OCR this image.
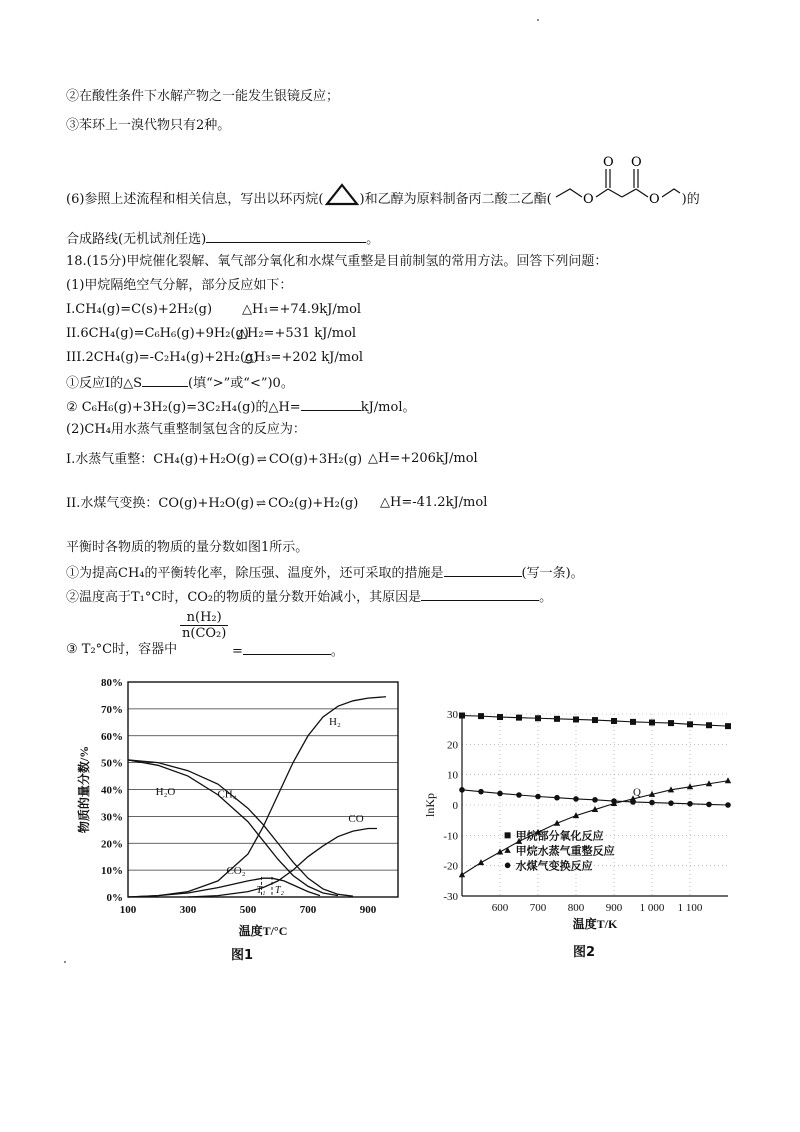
②在酸性条件下水解产物之一能发生银镜反应；
③苯环上一溴代物只有2种。
(6)参照上述流程和相关信息，写出以环丙烷(	)和乙醇为原料制备丙二酸二乙酯( O	O
O O
)的
合成路线(无机试剂任选)	。
18.(15分)甲烷催化裂解、氧气部分氧化和水煤气重整是目前制氢的常用方法。回答下列问题：
(1)甲烷隔绝空气分解，部分反应如下：
I.CH₄(g)=C(s)+2H₂(g) △H₁=+74.9kJ/mol
II.6CH₄(g)=C₆H₆(g)+9H₂(g)
△H₂=+531 kJ/mol
III.2CH₄(g)=-C₂H₄(g)+2H₂(g)
△H₃=+202 kJ/mol
①反应Ⅰ的△S	(填“>”或“<”)0。
② C₆H₆(g)+3H₂(g)=3C₂H₄(g)的△H=	kJ/mol。
(2)CH₄用水蒸气重整制氢包含的反应为：
I.水蒸气重整：CH₄(g)+H₂O(g) ⇌ CO(g)+3H₂(g) △H=+206kJ/mol
II.水煤气变换：CO(g)+H₂O(g) ⇌ CO₂(g)+H₂(g) △H=-41.2kJ/mol
平衡时各物质的物质的量分数如图1所示。
①为提高CH₄的平衡转化率，除压强、温度外，还可采取的措施是	(写一条)。
②温度高于T₁°C时，CO₂的物质的量分数开始减小，其原因是	。
$\frac{\text{n(H₂)}}{\text{n(CO₂)}}$
③ T₂°C时，容器中	=	。
0%
10%
20%
30%
40%
50%
60%
70%
80%
100	300	500	700	900
温度T/°C
物质的量分数/%
T₁ T₂
H₂
H₂O	CH₄
CO
CO₂
图1
-30
-20
-10
0
10
20
30
600 700 800 900 1 000 1 100
温度T/K
lnKp
Q
甲烷部分氧化反应
甲烷水蒸气重整反应
水煤气变换反应
图2
